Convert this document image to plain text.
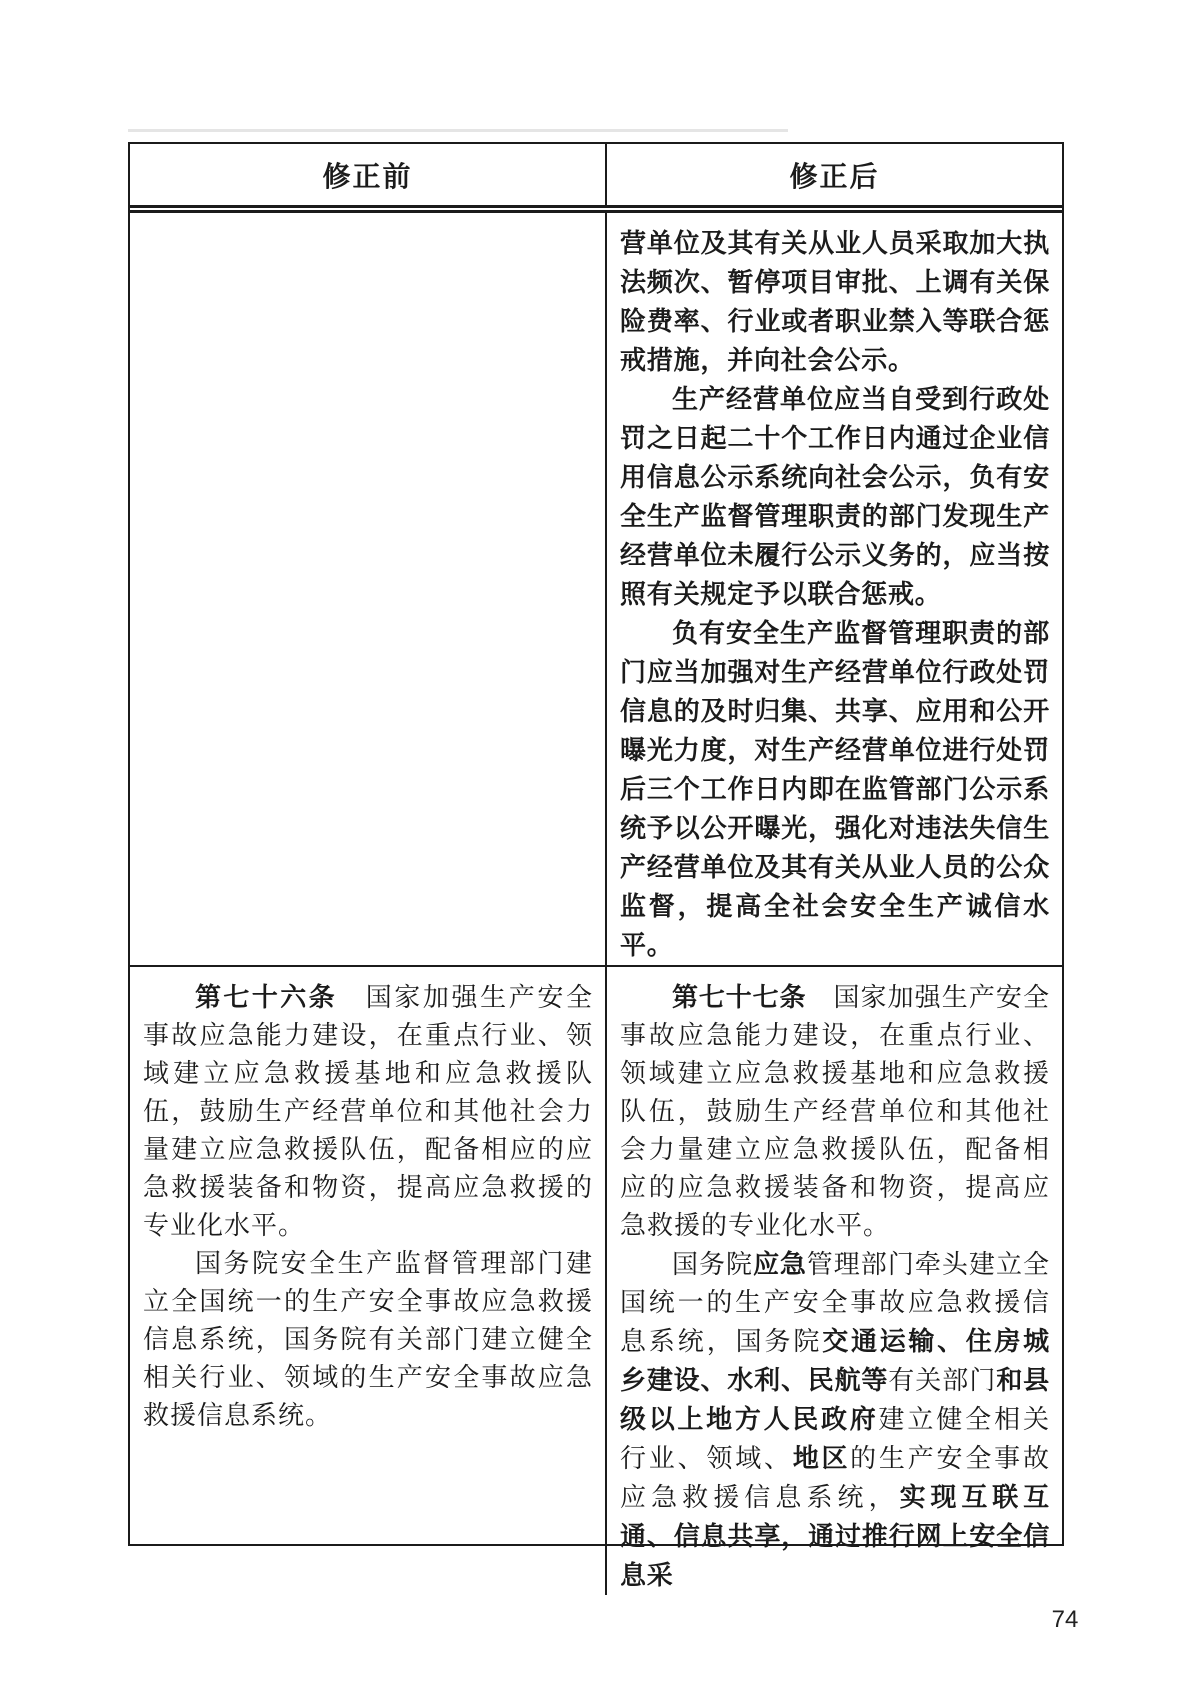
修正前	修正后

营单位及其有关从业人员采取加大执法频次、暂停项目审批、上调有关保险费率、行业或者职业禁入等联合惩戒措施，并向社会公示。

生产经营单位应当自受到行政处罚之日起二十个工作日内通过企业信用信息公示系统向社会公示，负有安全生产监督管理职责的部门发现生产经营单位未履行公示义务的，应当按照有关规定予以联合惩戒。

负有安全生产监督管理职责的部门应当加强对生产经营单位行政处罚信息的及时归集、共享、应用和公开曝光力度，对生产经营单位进行处罚后三个工作日内即在监管部门公示系统予以公开曝光，强化对违法失信生产经营单位及其有关从业人员的公众监督，提高全社会安全生产诚信水平。

第七十六条　国家加强生产安全事故应急能力建设，在重点行业、领域建立应急救援基地和应急救援队伍，鼓励生产经营单位和其他社会力量建立应急救援队伍，配备相应的应急救援装备和物资，提高应急救援的专业化水平。

国务院安全生产监督管理部门建立全国统一的生产安全事故应急救援信息系统，国务院有关部门建立健全相关行业、领域的生产安全事故应急救援信息系统。

第七十七条　国家加强生产安全事故应急能力建设，在重点行业、领域建立应急救援基地和应急救援队伍，鼓励生产经营单位和其他社会力量建立应急救援队伍，配备相应的应急救援装备和物资，提高应急救援的专业化水平。

国务院应急管理部门牵头建立全国统一的生产安全事故应急救援信息系统，国务院交通运输、住房城乡建设、水利、民航等有关部门和县级以上地方人民政府建立健全相关行业、领域、地区的生产安全事故应急救援信息系统，实现互联互通、信息共享，通过推行网上安全信息采

74
